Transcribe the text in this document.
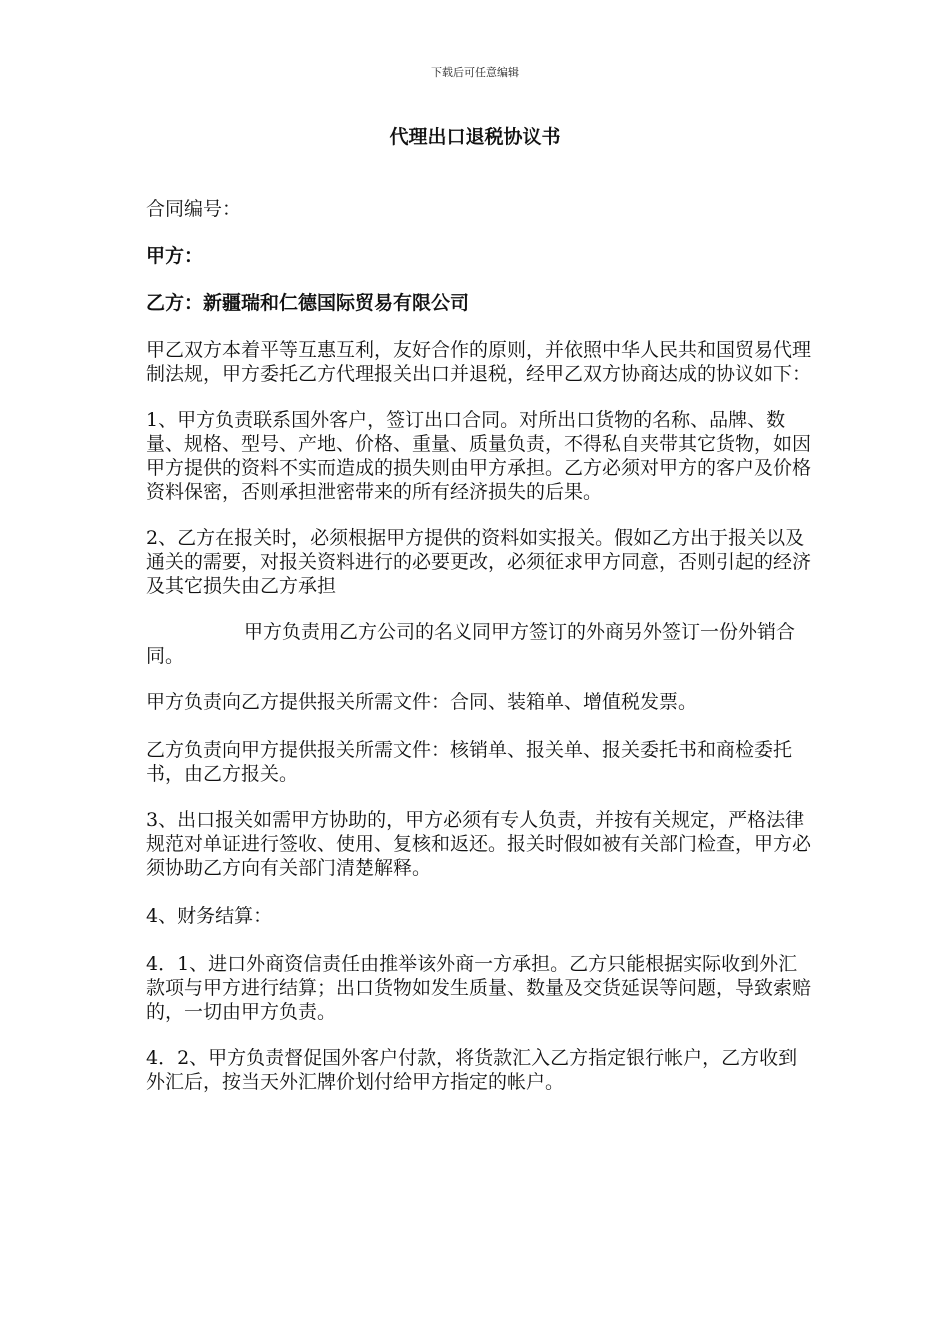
下载后可任意编辑
代理出口退税协议书

合同编号：

甲方：

乙方：新疆瑞和仁德国际贸易有限公司

甲乙双方本着平等互惠互利，友好合作的原则，并依照中华人民共和国贸易代理制法规，甲方委托乙方代理报关出口并退税，经甲乙双方协商达成的协议如下：

1、甲方负责联系国外客户，签订出口合同。对所出口货物的名称、品牌、数量、规格、型号、产地、价格、重量、质量负责，不得私自夹带其它货物，如因甲方提供的资料不实而造成的损失则由甲方承担。乙方必须对甲方的客户及价格资料保密，否则承担泄密带来的所有经济损失的后果。

2、乙方在报关时，必须根据甲方提供的资料如实报关。假如乙方出于报关以及通关的需要，对报关资料进行的必要更改，必须征求甲方同意，否则引起的经济及其它损失由乙方承担

甲方负责用乙方公司的名义同甲方签订的外商另外签订一份外销合同。

甲方负责向乙方提供报关所需文件：合同、装箱单、增值税发票。

乙方负责向甲方提供报关所需文件：核销单、报关单、报关委托书和商检委托书，由乙方报关。

3、出口报关如需甲方协助的，甲方必须有专人负责，并按有关规定，严格法律规范对单证进行签收、使用、复核和返还。报关时假如被有关部门检查，甲方必须协助乙方向有关部门清楚解释。

4、财务结算：

4．1、进口外商资信责任由推举该外商一方承担。乙方只能根据实际收到外汇款项与甲方进行结算；出口货物如发生质量、数量及交货延误等问题，导致索赔的，一切由甲方负责。

4．2、甲方负责督促国外客户付款，将货款汇入乙方指定银行帐户，乙方收到外汇后，按当天外汇牌价划付给甲方指定的帐户。
